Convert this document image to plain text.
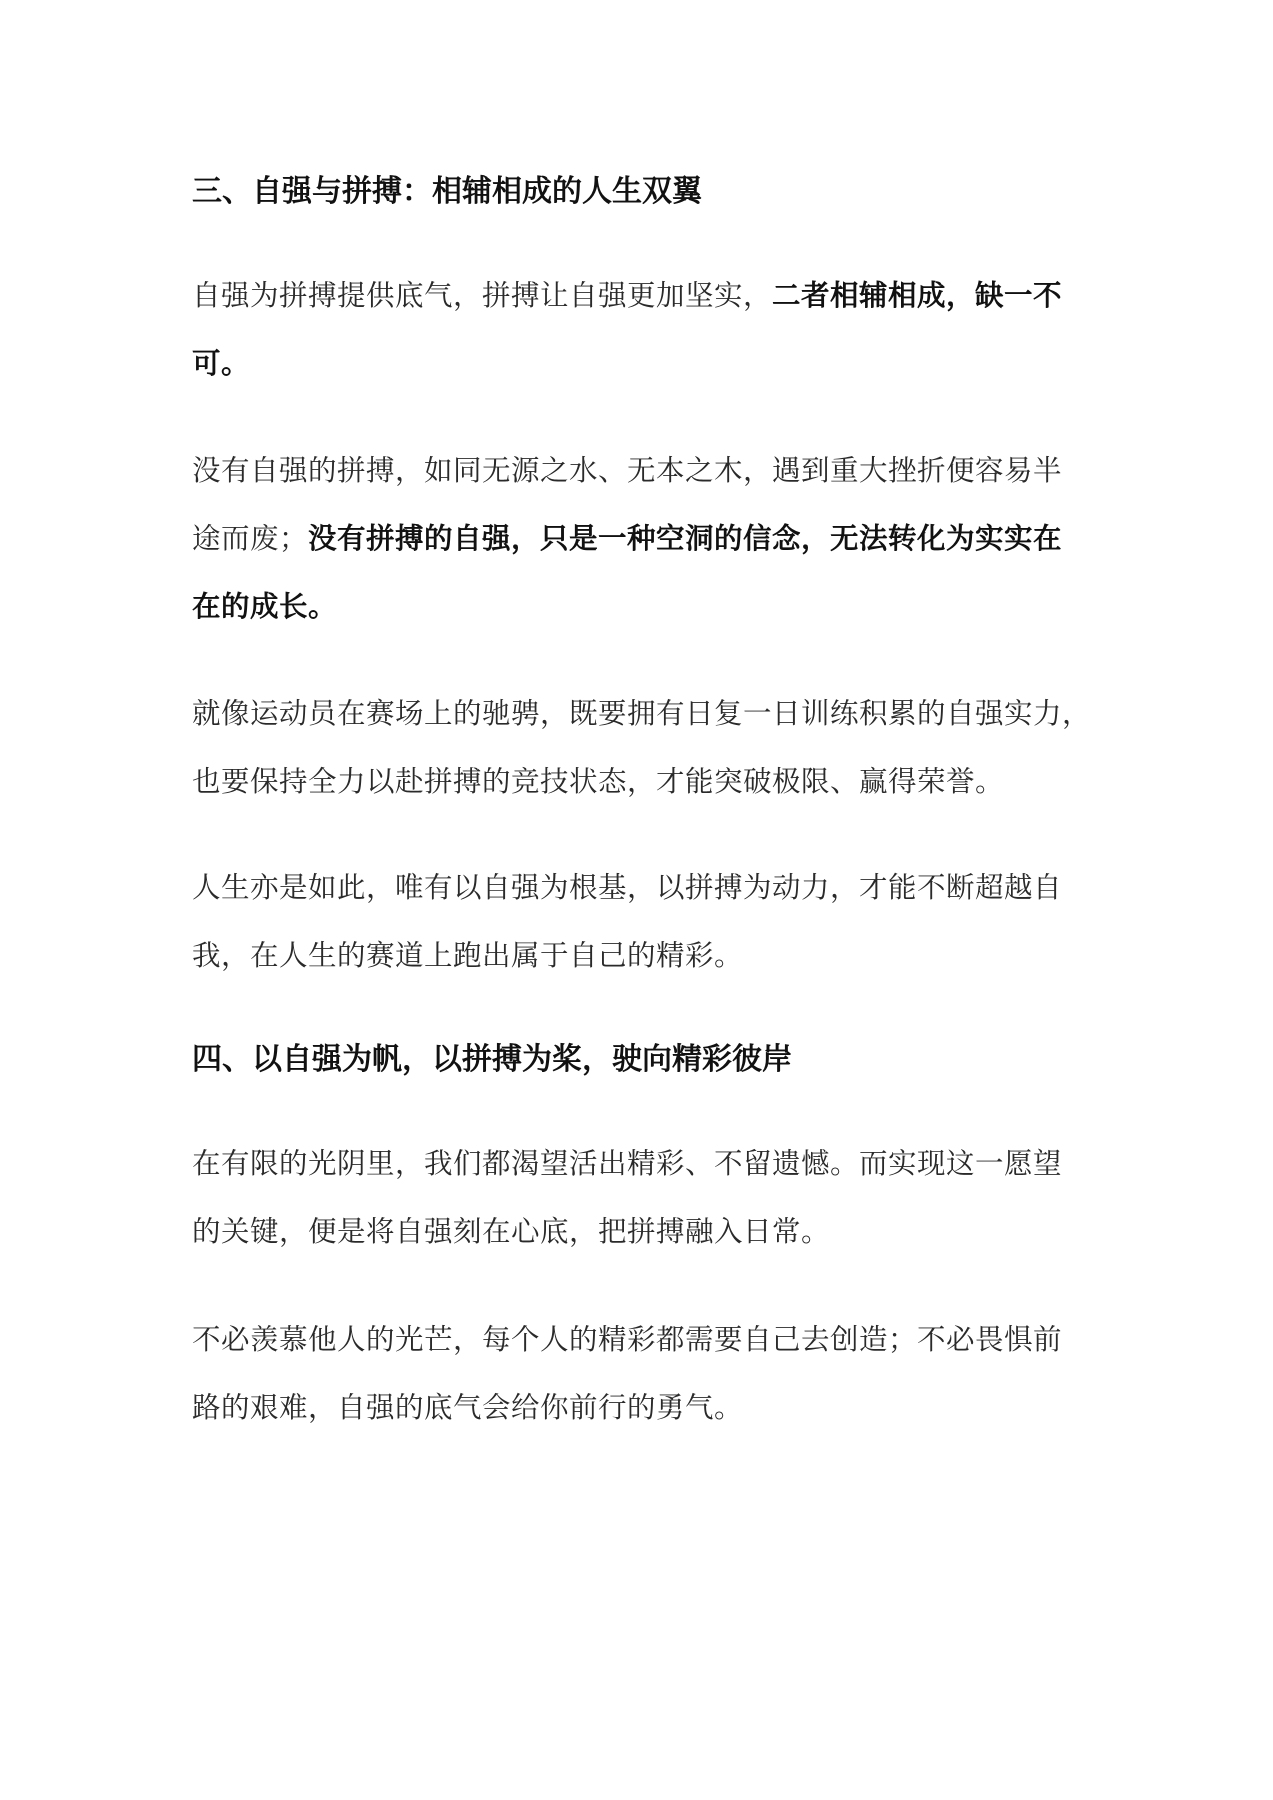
三、自强与拼搏：相辅相成的人生双翼

自强为拼搏提供底气，拼搏让自强更加坚实，二者相辅相成，缺一不
可。

没有自强的拼搏，如同无源之水、无本之木，遇到重大挫折便容易半
途而废；没有拼搏的自强，只是一种空洞的信念，无法转化为实实在
在的成长。

就像运动员在赛场上的驰骋，既要拥有日复一日训练积累的自强实力，
也要保持全力以赴拼搏的竞技状态，才能突破极限、赢得荣誉。

人生亦是如此，唯有以自强为根基，以拼搏为动力，才能不断超越自
我，在人生的赛道上跑出属于自己的精彩。

四、以自强为帆，以拼搏为桨，驶向精彩彼岸

在有限的光阴里，我们都渴望活出精彩、不留遗憾。而实现这一愿望
的关键，便是将自强刻在心底，把拼搏融入日常。

不必羡慕他人的光芒，每个人的精彩都需要自己去创造；不必畏惧前
路的艰难，自强的底气会给你前行的勇气。
